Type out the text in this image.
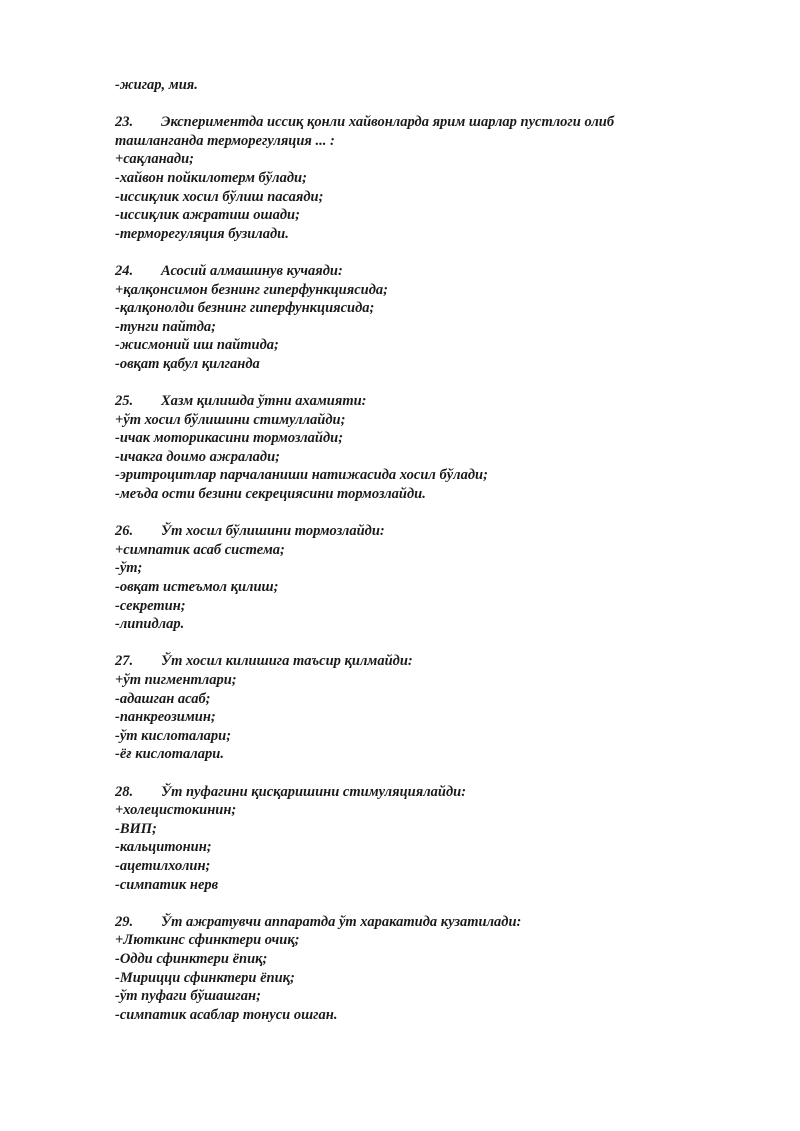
-жигар, мия.
23.	Экспериментда иссиқ қонли хайвонларда ярим шарлар пустлоги олиб
ташланганда терморегуляция ... :
+сақланади;
-хайвон пойкилотерм бўлади;
-иссиқлик хосил бўлиш пасаяди;
-иссиқлик ажратиш ошади;
-терморегуляция бузилади.
24.	Асосий алмашинув кучаяди:
+қалқонсимон безнинг гиперфункциясида;
-қалқонолди безнинг гиперфункциясида;
-тунги пайтда;
-жисмоний иш пайтида;
-овқат қабул қилганда
25.	Хазм қилишда ўтни ахамияти:
+ўт хосил бўлишини стимуллайди;
-ичак моторикасини тормозлайди;
-ичакга доимо ажралади;
-эритроцитлар парчаланиши натижасида хосил бўлади;
-меъда ости безини секрециясини тормозлайди.
26.	Ўт хосил бўлишини тормозлайди:
+симпатик асаб система;
-ўт;
-овқат истеъмол қилиш;
-секретин;
-липидлар.
27.	Ўт хосил килишига таъсир қилмайди:
+ўт пигментлари;
-адашган асаб;
-панкреозимин;
-ўт кислоталари;
-ёғ кислоталари.
28.	Ўт пуфагини қисқаришини стимуляциялайди:
+холецистокинин;
-ВИП;
-кальцитонин;
-ацетилхолин;
-симпатик нерв
29.	Ўт ажратувчи аппаратда ўт харакатида кузатилади:
+Люткинс сфинктери очиқ;
-Одди сфинктери ёпиқ;
-Мирицци сфинктери ёпиқ;
-ўт пуфаги бўшашган;
-симпатик асаблар тонуси ошган.
